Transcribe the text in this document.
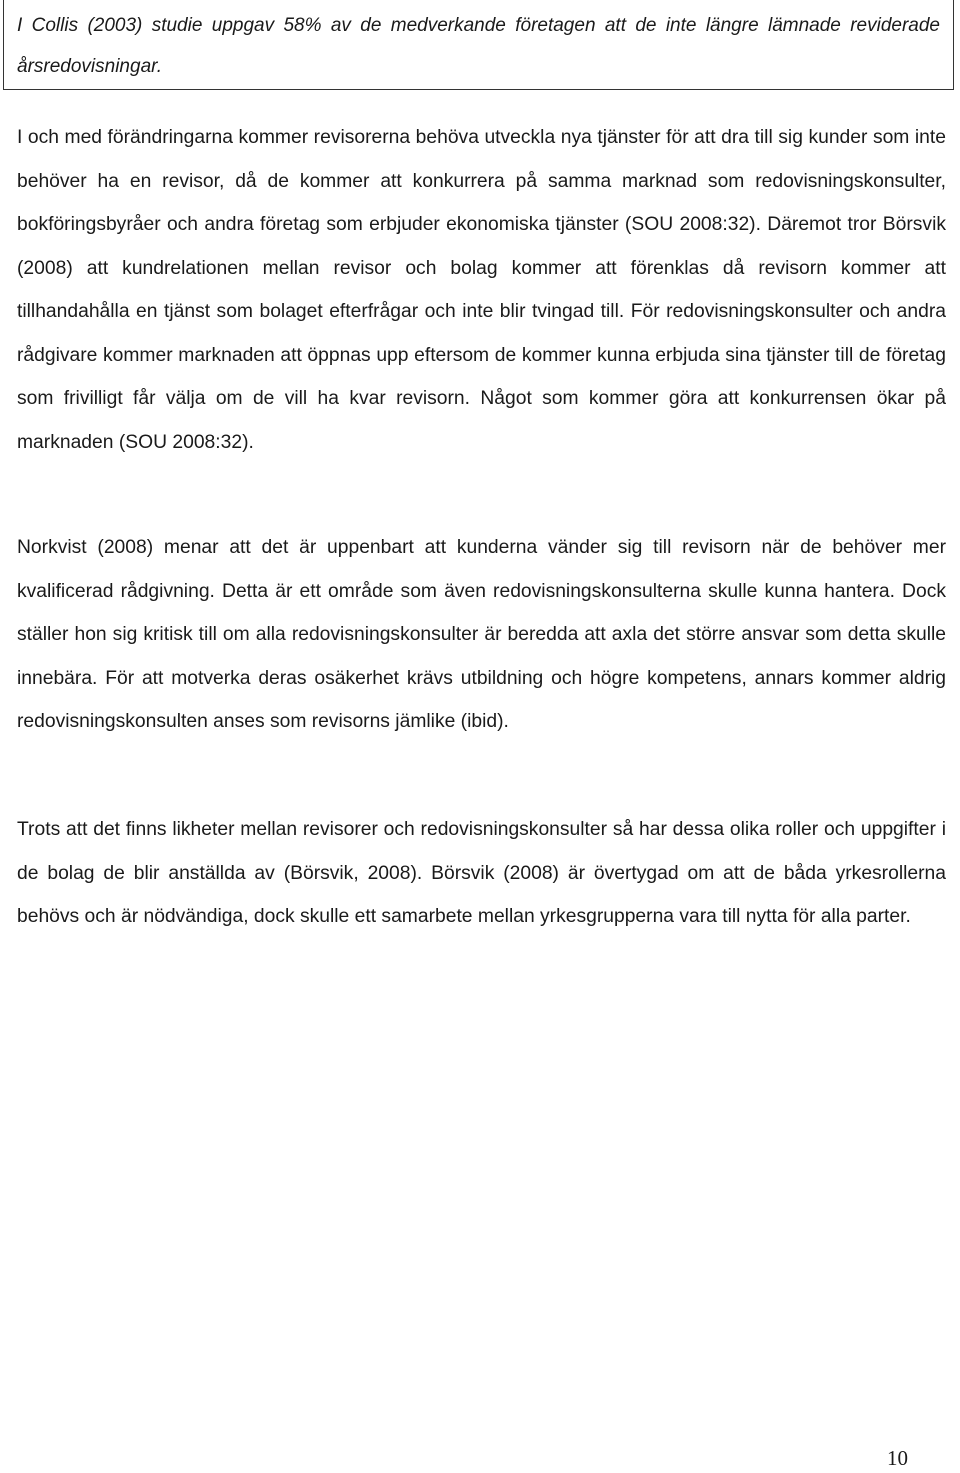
I Collis (2003) studie uppgav 58% av de medverkande företagen att de inte längre lämnade reviderade årsredovisningar.

I och med förändringarna kommer revisorerna behöva utveckla nya tjänster för att dra till sig kunder som inte behöver ha en revisor, då de kommer att konkurrera på samma marknad som redovisningskonsulter, bokföringsbyråer och andra företag som erbjuder ekonomiska tjänster (SOU 2008:32). Däremot tror Börsvik (2008) att kundrelationen mellan revisor och bolag kommer att förenklas då revisorn kommer att tillhandahålla en tjänst som bolaget efterfrågar och inte blir tvingad till. För redovisningskonsulter och andra rådgivare kommer marknaden att öppnas upp eftersom de kommer kunna erbjuda sina tjänster till de företag som frivilligt får välja om de vill ha kvar revisorn. Något som kommer göra att konkurrensen ökar på marknaden (SOU 2008:32).

Norkvist (2008) menar att det är uppenbart att kunderna vänder sig till revisorn när de behöver mer kvalificerad rådgivning. Detta är ett område som även redovisningskonsulterna skulle kunna hantera. Dock ställer hon sig kritisk till om alla redovisningskonsulter är beredda att axla det större ansvar som detta skulle innebära. För att motverka deras osäkerhet krävs utbildning och högre kompetens, annars kommer aldrig redovisningskonsulten anses som revisorns jämlike (ibid).

Trots att det finns likheter mellan revisorer och redovisningskonsulter så har dessa olika roller och uppgifter i de bolag de blir anställda av (Börsvik, 2008). Börsvik (2008) är övertygad om att de båda yrkesrollerna behövs och är nödvändiga, dock skulle ett samarbete mellan yrkesgrupperna vara till nytta för alla parter.

10
